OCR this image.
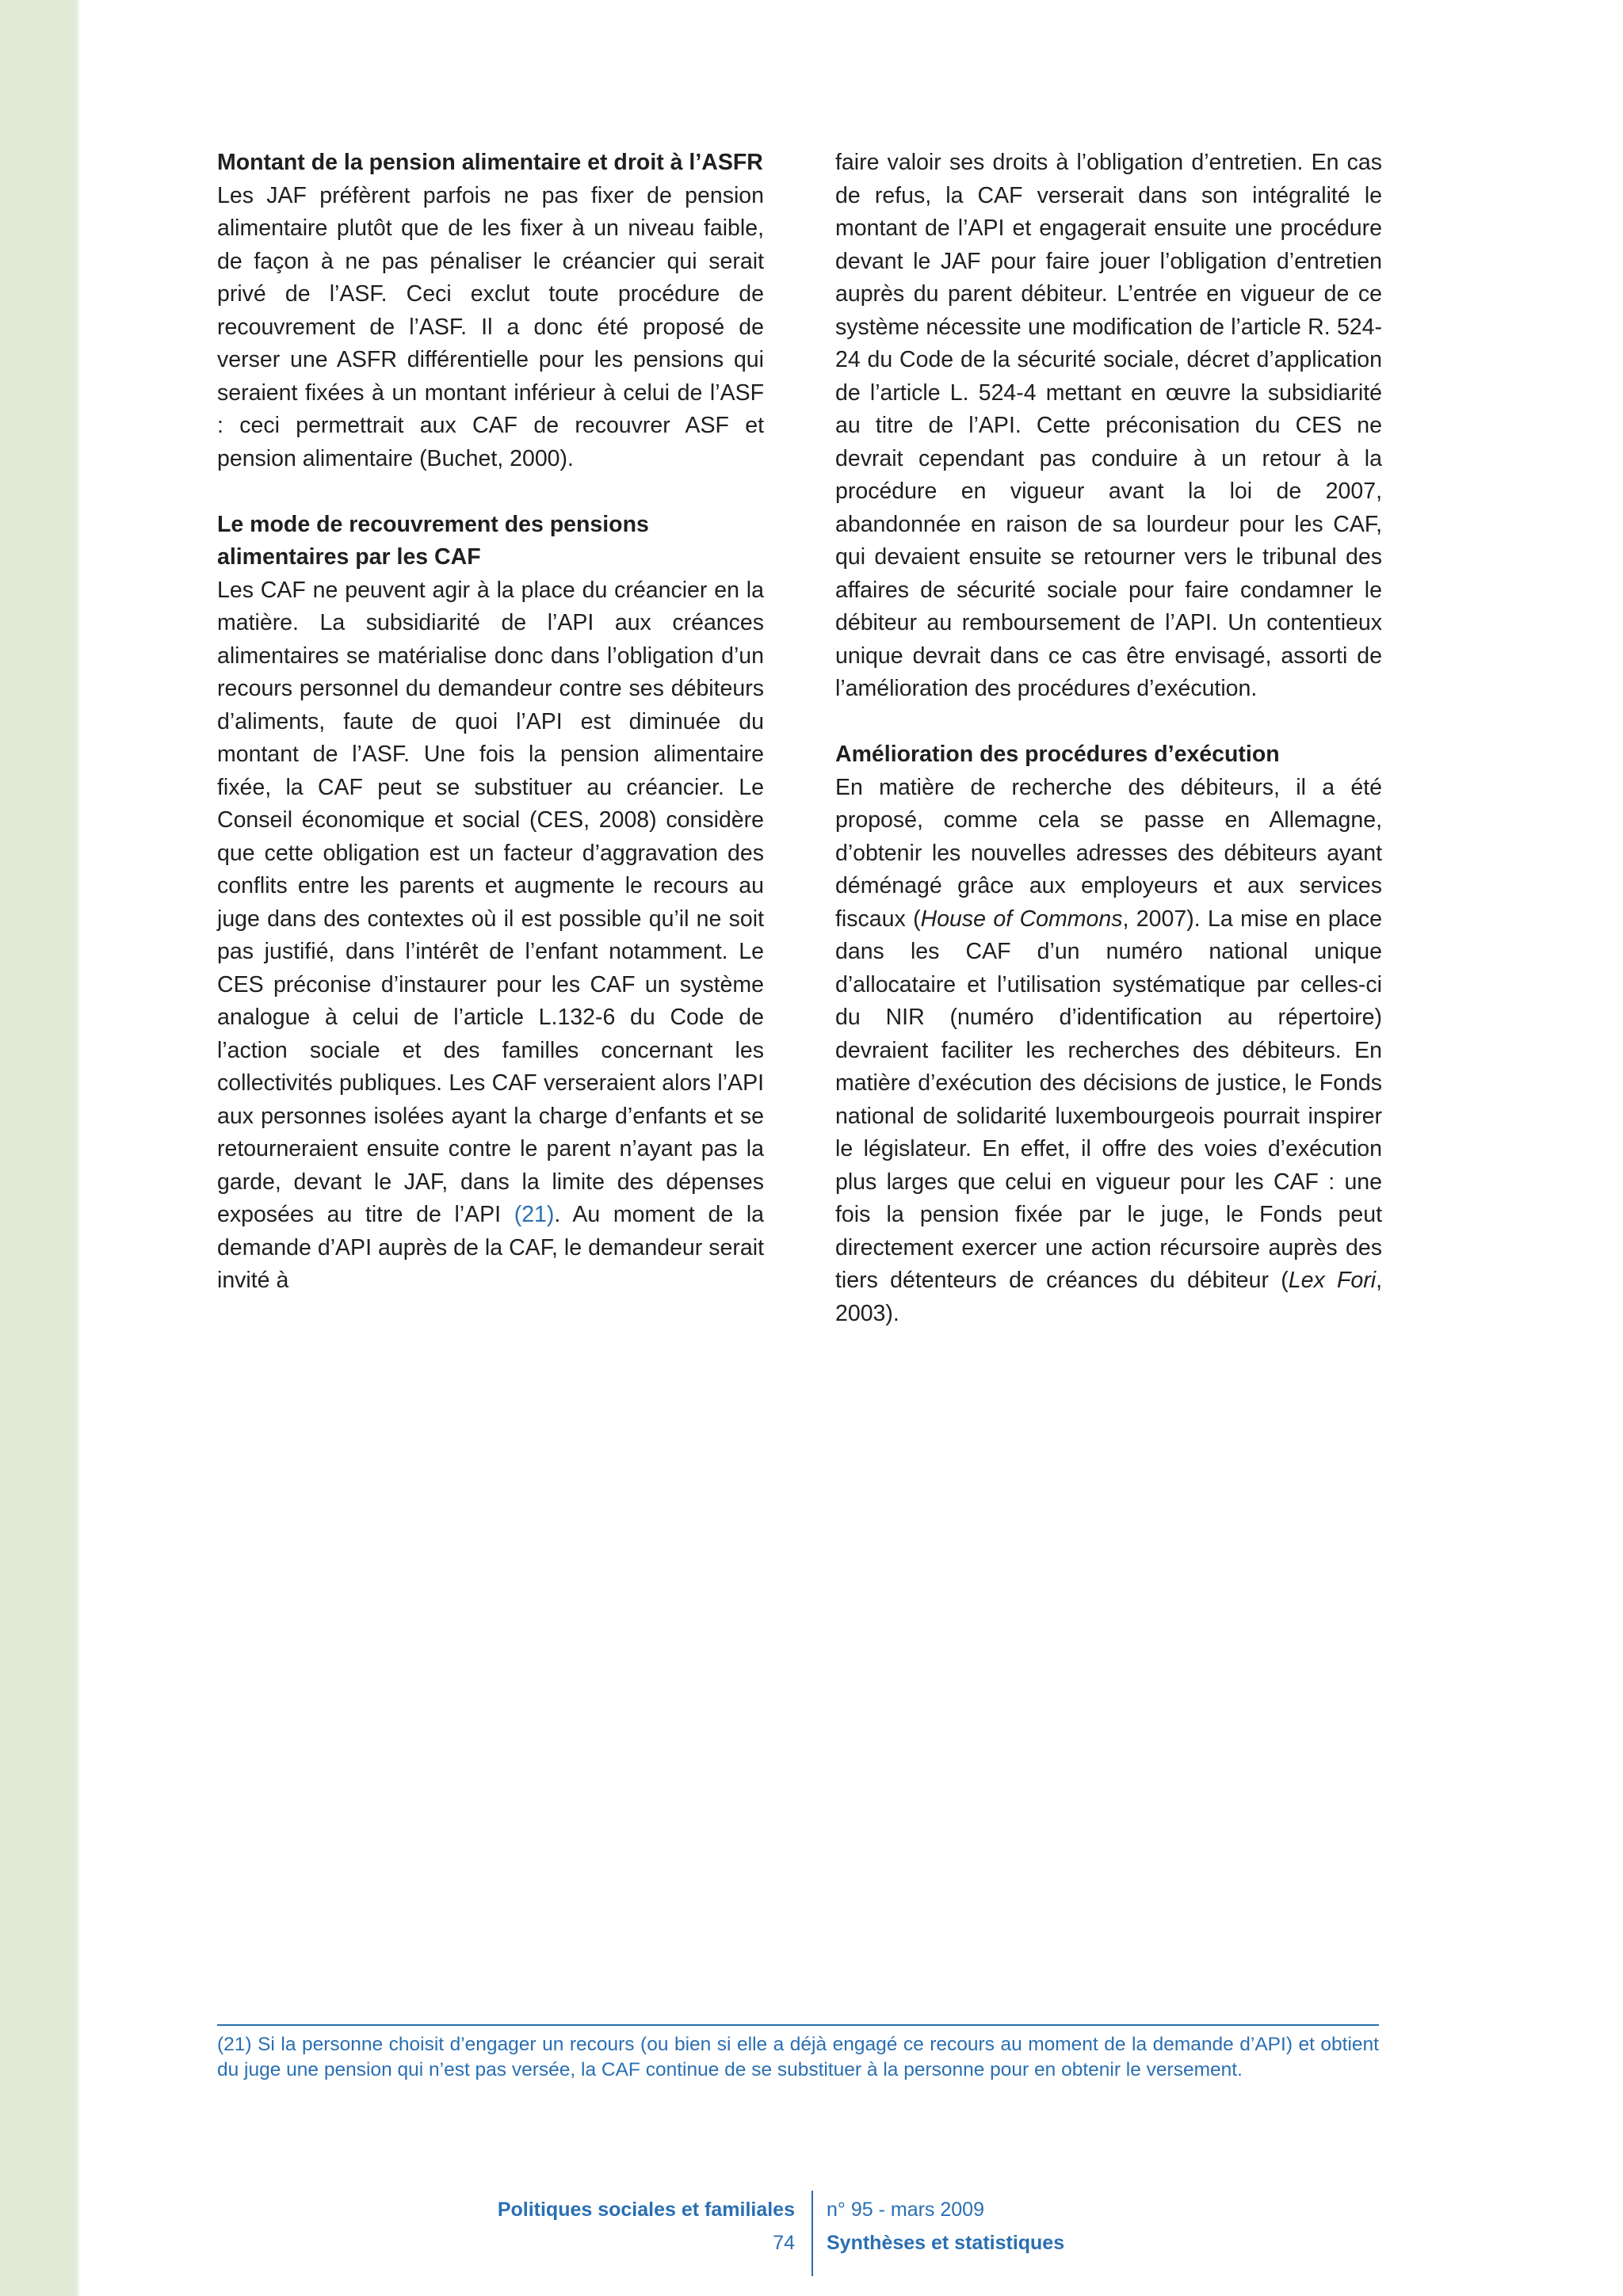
Montant de la pension alimentaire et droit à l’ASFR

Les JAF préfèrent parfois ne pas fixer de pension alimentaire plutôt que de les fixer à un niveau faible, de façon à ne pas pénaliser le créancier qui serait privé de l’ASF. Ceci exclut toute procédure de recouvrement de l’ASF. Il a donc été proposé de verser une ASFR différentielle pour les pensions qui seraient fixées à un montant inférieur à celui de l’ASF : ceci permettrait aux CAF de recouvrer ASF et pension alimentaire (Buchet, 2000).

Le mode de recouvrement des pensions alimentaires par les CAF

Les CAF ne peuvent agir à la place du créancier en la matière. La subsidiarité de l’API aux créances alimentaires se matérialise donc dans l’obligation d’un recours personnel du demandeur contre ses débiteurs d’aliments, faute de quoi l’API est diminuée du montant de l’ASF. Une fois la pension alimentaire fixée, la CAF peut se substituer au créancier. Le Conseil économique et social (CES, 2008) considère que cette obligation est un facteur d’aggravation des conflits entre les parents et augmente le recours au juge dans des contextes où il est possible qu’il ne soit pas justifié, dans l’intérêt de l’enfant notamment. Le CES préconise d’instaurer pour les CAF un système analogue à celui de l’article L.132-6 du Code de l’action sociale et des familles concernant les collectivités publiques. Les CAF verseraient alors l’API aux personnes isolées ayant la charge d’enfants et se retourneraient ensuite contre le parent n’ayant pas la garde, devant le JAF, dans la limite des dépenses exposées au titre de l’API (21). Au moment de la demande d’API auprès de la CAF, le demandeur serait invité à

faire valoir ses droits à l’obligation d’entretien. En cas de refus, la CAF verserait dans son intégralité le montant de l’API et engagerait ensuite une procédure devant le JAF pour faire jouer l’obligation d’entretien auprès du parent débiteur. L’entrée en vigueur de ce système nécessite une modification de l’article R. 524-24 du Code de la sécurité sociale, décret d’application de l’article L. 524-4 mettant en œuvre la subsidiarité au titre de l’API. Cette préconisation du CES ne devrait cependant pas conduire à un retour à la procédure en vigueur avant la loi de 2007, abandonnée en raison de sa lourdeur pour les CAF, qui devaient ensuite se retourner vers le tribunal des affaires de sécurité sociale pour faire condamner le débiteur au remboursement de l’API. Un contentieux unique devrait dans ce cas être envisagé, assorti de l’amélioration des procédures d’exécution.

Amélioration des procédures d’exécution

En matière de recherche des débiteurs, il a été proposé, comme cela se passe en Allemagne, d’obtenir les nouvelles adresses des débiteurs ayant déménagé grâce aux employeurs et aux services fiscaux (House of Commons, 2007). La mise en place dans les CAF d’un numéro national unique d’allocataire et l’utilisation systématique par celles-ci du NIR (numéro d’identification au répertoire) devraient faciliter les recherches des débiteurs. En matière d’exécution des décisions de justice, le Fonds national de solidarité luxembourgeois pourrait inspirer le législateur. En effet, il offre des voies d’exécution plus larges que celui en vigueur pour les CAF : une fois la pension fixée par le juge, le Fonds peut directement exercer une action récursoire auprès des tiers détenteurs de créances du débiteur (Lex Fori, 2003).

(21) Si la personne choisit d’engager un recours (ou bien si elle a déjà engagé ce recours au moment de la demande d’API) et obtient du juge une pension qui n’est pas versée, la CAF continue de se substituer à la personne pour en obtenir le versement.
Politiques sociales et familiales
74
n° 95 - mars 2009
Synthèses et statistiques
